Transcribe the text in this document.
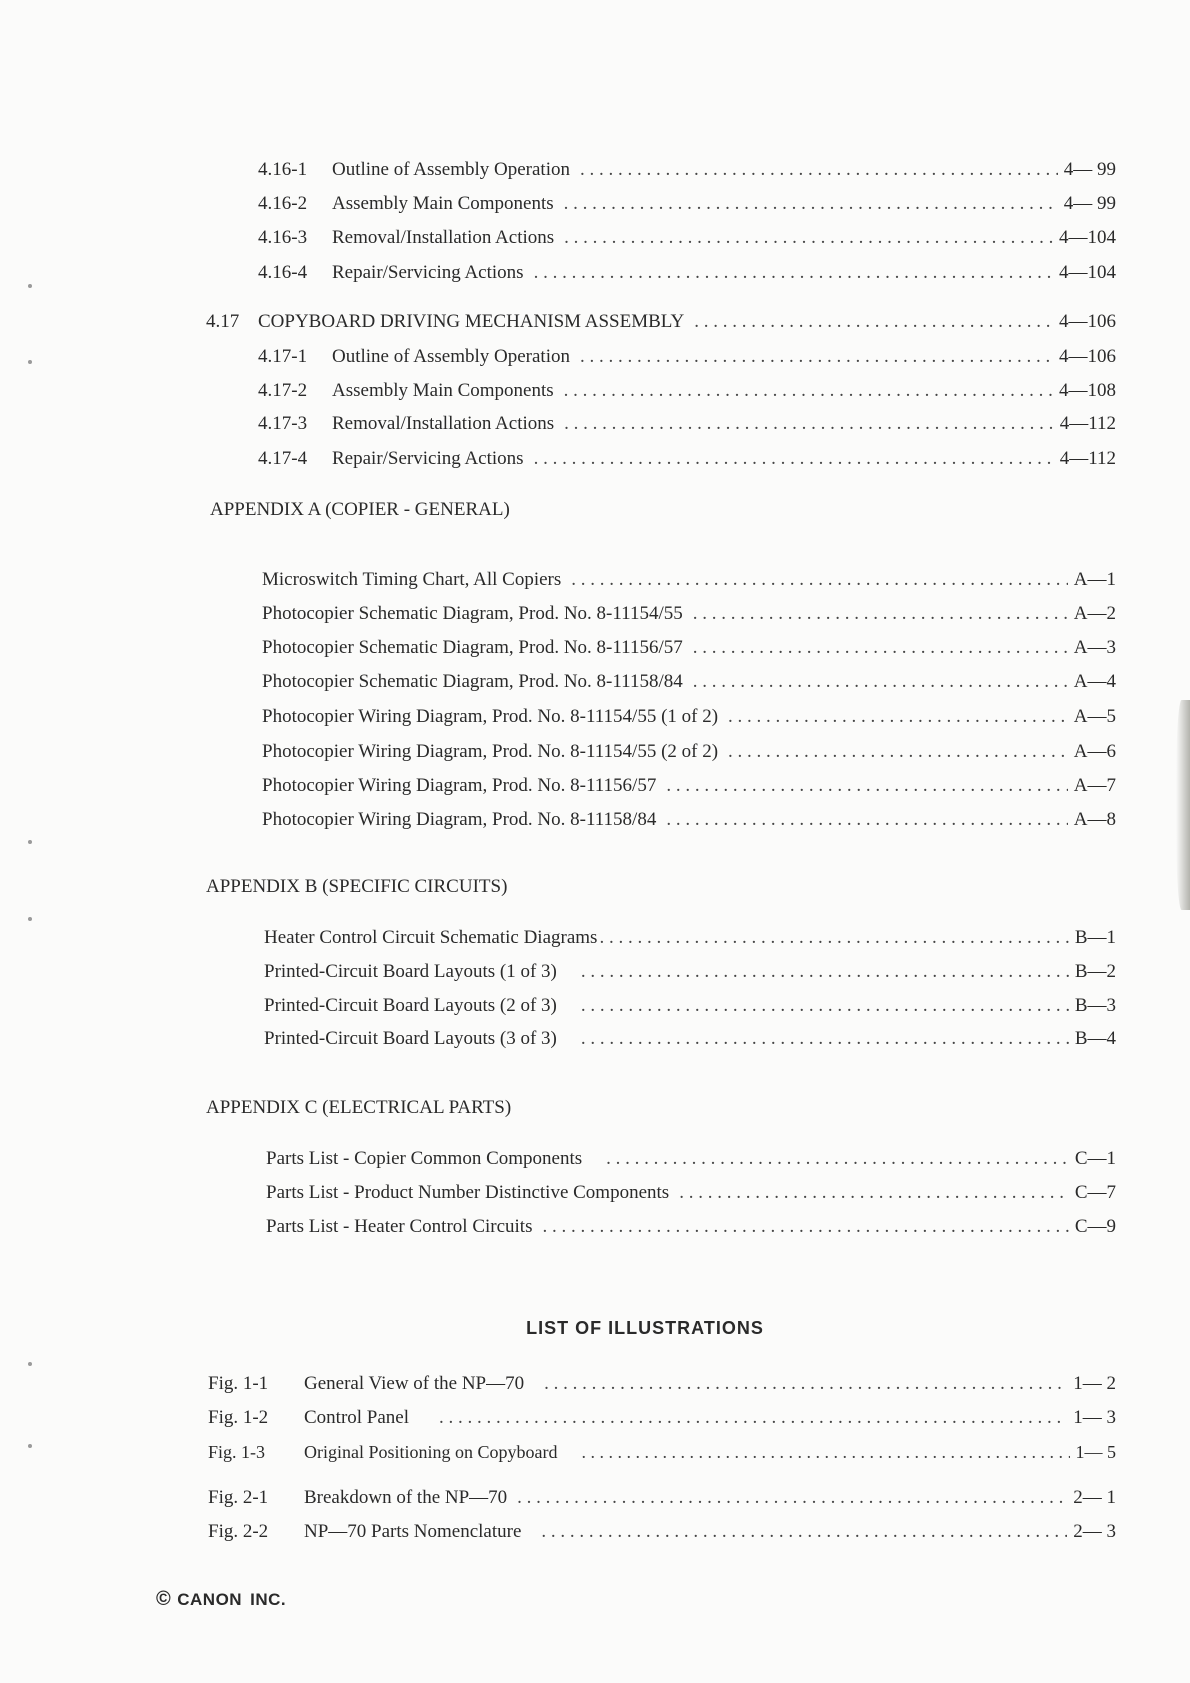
4.16-1	Outline of Assembly Operation . . .	4— 99
4.16-2	Assembly Main Components . . .	4— 99
4.16-3	Removal/Installation Actions . . .	4—104
4.16-4	Repair/Servicing Actions . . .	4—104
4.17 COPYBOARD DRIVING MECHANISM ASSEMBLY . . .	4—106
4.17-1	Outline of Assembly Operation . . .	4—106
4.17-2	Assembly Main Components . . .	4—108
4.17-3	Removal/Installation Actions . . .	4—112
4.17-4	Repair/Servicing Actions . . .	4—112
APPENDIX A (COPIER - GENERAL)
Microswitch Timing Chart, All Copiers . . .	A—1
Photocopier Schematic Diagram, Prod. No. 8-11154/55 . . .	A—2
Photocopier Schematic Diagram, Prod. No. 8-11156/57 . . .	A—3
Photocopier Schematic Diagram, Prod. No. 8-11158/84 . . .	A—4
Photocopier Wiring Diagram, Prod. No. 8-11154/55 (1 of 2) . . .	A—5
Photocopier Wiring Diagram, Prod. No. 8-11154/55 (2 of 2) . . .	A—6
Photocopier Wiring Diagram, Prod. No. 8-11156/57 . . .	A—7
Photocopier Wiring Diagram, Prod. No. 8-11158/84 . . .	A—8
APPENDIX B (SPECIFIC CIRCUITS)
Heater Control Circuit Schematic Diagrams . . .	B—1
Printed-Circuit Board Layouts (1 of 3) . . .	B—2
Printed-Circuit Board Layouts (2 of 3) . . .	B—3
Printed-Circuit Board Layouts (3 of 3) . . .	B—4
APPENDIX C (ELECTRICAL PARTS)
Parts List - Copier Common Components . . .	C—1
Parts List - Product Number Distinctive Components . . .	C—7
Parts List - Heater Control Circuits . . .	C—9
LIST OF ILLUSTRATIONS
Fig. 1-1	General View of the NP—70 . . .	1— 2
Fig. 1-2	Control Panel . . .	1— 3
Fig. 1-3	Original Positioning on Copyboard . . .	1— 5
Fig. 2-1	Breakdown of the NP—70 . . .	2— 1
Fig. 2-2	NP—70 Parts Nomenclature . . .	2— 3
© CANON INC.
